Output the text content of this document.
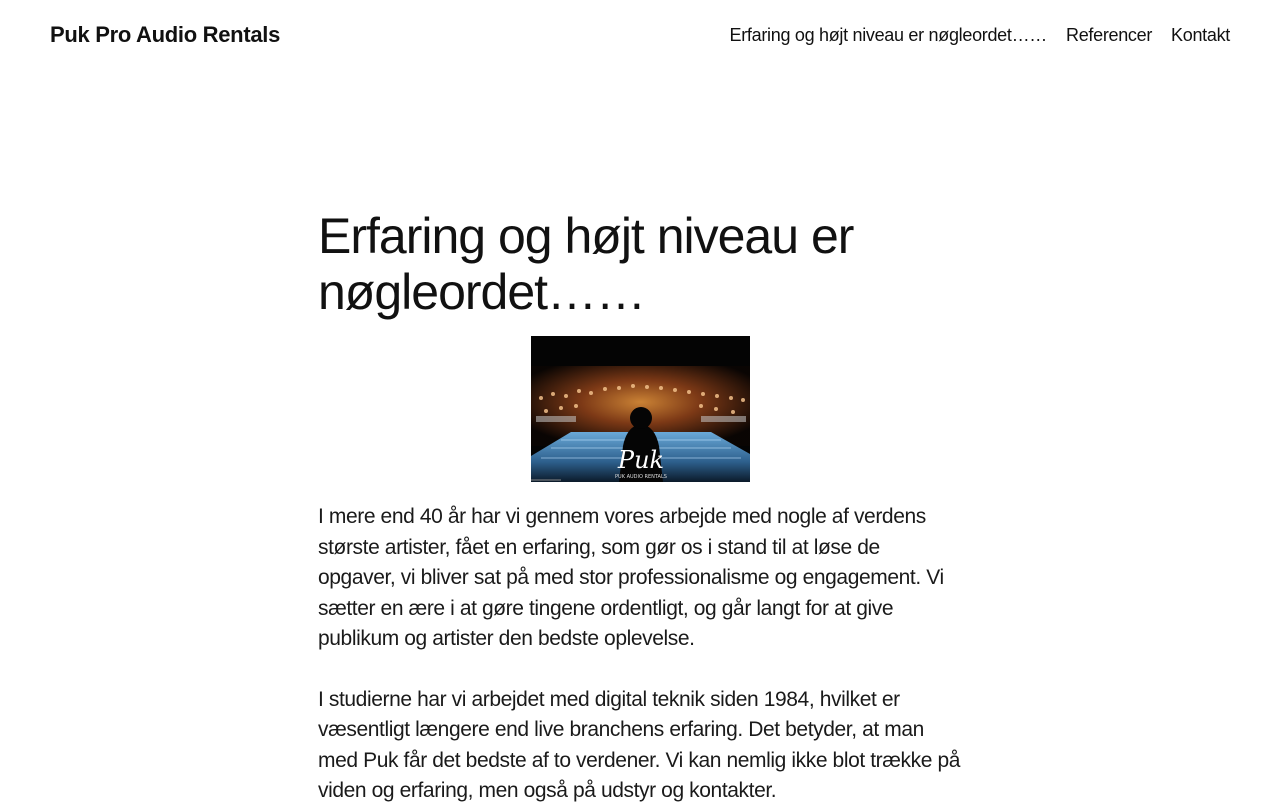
Puk Pro Audio Rentals	Erfaring og højt niveau er nøgleordet…… Referencer Kontakt
Erfaring og højt niveau er nøgleordet……
Puk
PUK AUDIO RENTALS

I mere end 40 år har vi gennem vores arbejde med nogle af verdens største artister, fået en erfaring, som gør os i stand til at løse de opgaver, vi bliver sat på med stor professionalisme og engagement. Vi sætter en ære i at gøre tingene ordentligt, og går langt for at give publikum og artister den bedste oplevelse.

I studierne har vi arbejdet med digital teknik siden 1984, hvilket er væsentligt længere end live branchens erfaring. Det betyder, at man med Puk får det bedste af to verdener. Vi kan nemlig ikke blot trække på viden og erfaring, men også på udstyr og kontakter.
